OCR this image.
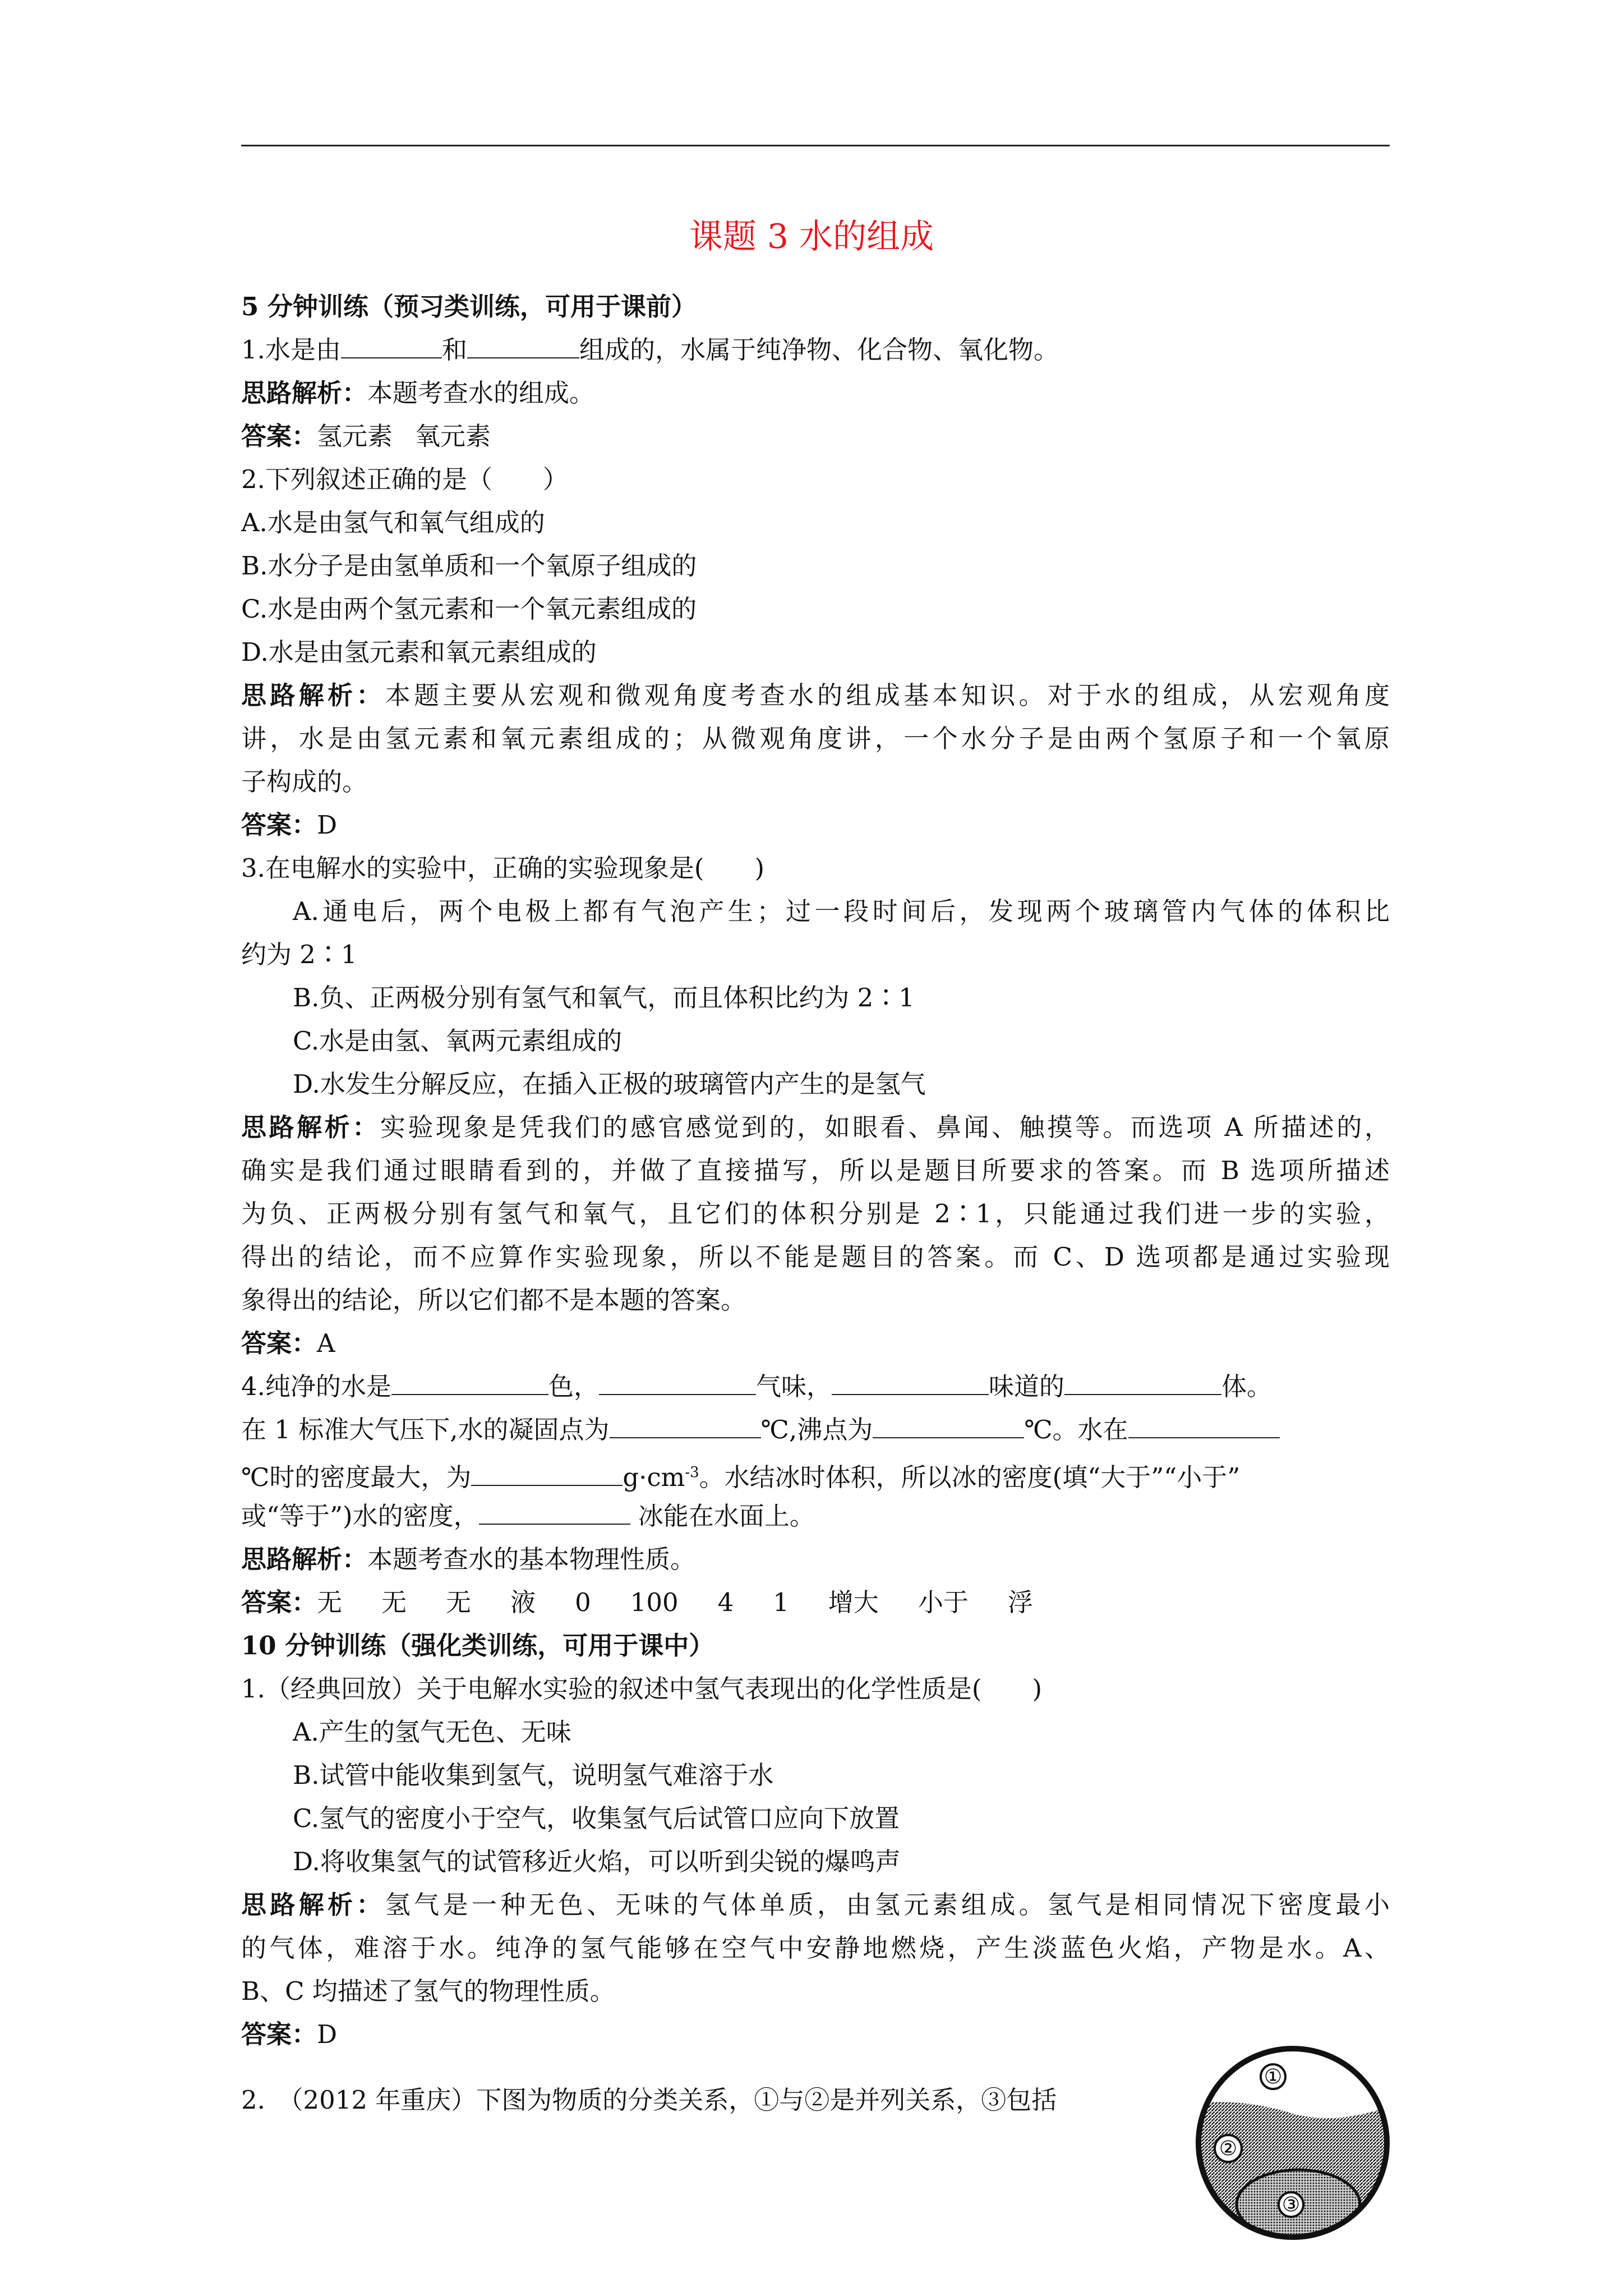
课题 3 水的组成
5 分钟训练（预习类训练，可用于课前）
1.水是由	和	组成的，水属于纯净物、化合物、氧化物。
思路解析：本题考查水的组成。
答案：氢元素 氧元素
2.下列叙述正确的是（　　）
A.水是由氢气和氧气组成的
B.水分子是由氢单质和一个氧原子组成的
C.水是由两个氢元素和一个氧元素组成的
D.水是由氢元素和氧元素组成的
思路解析：本题主要从宏观和微观角度考查水的组成基本知识。对于水的组成，从宏观角度
讲，水是由氢元素和氧元素组成的；从微观角度讲，一个水分子是由两个氢原子和一个氧原
子构成的。
答案：D
3.在电解水的实验中，正确的实验现象是(　　)
A.通电后，两个电极上都有气泡产生；过一段时间后，发现两个玻璃管内气体的体积比
约为 2∶1
B.负、正两极分别有氢气和氧气，而且体积比约为 2∶1
C.水是由氢、氧两元素组成的
D.水发生分解反应，在插入正极的玻璃管内产生的是氢气
思路解析：实验现象是凭我们的感官感觉到的，如眼看、鼻闻、触摸等。而选项 A 所描述的，
确实是我们通过眼睛看到的，并做了直接描写，所以是题目所要求的答案。而 B 选项所描述
为负、正两极分别有氢气和氧气，且它们的体积分别是 2∶1，只能通过我们进一步的实验，
得出的结论，而不应算作实验现象，所以不能是题目的答案。而 C、D 选项都是通过实验现
象得出的结论，所以它们都不是本题的答案。
答案：A
4.纯净的水是	色，	气味，	味道的	体。
在 1 标准大气压下,水的凝固点为	℃,沸点为	℃。水在
℃时的密度最大，为	$g\cdot cm^{-3}$。水结冰时体积，所以冰的密度(填“大于”“小于”
或“等于”)水的密度，	冰能在水面上。
思路解析：本题考查水的基本物理性质。
答案：无 无 无 液 0 100 4 1 增大 小于 浮
10 分钟训练（强化类训练，可用于课中）
1.（经典回放）关于电解水实验的叙述中氢气表现出的化学性质是(　　)
A.产生的氢气无色、无味
B.试管中能收集到氢气，说明氢气难溶于水
C.氢气的密度小于空气，收集氢气后试管口应向下放置
D.将收集氢气的试管移近火焰，可以听到尖锐的爆鸣声
思路解析：氢气是一种无色、无味的气体单质，由氢元素组成。氢气是相同情况下密度最小
的气体，难溶于水。纯净的氢气能够在空气中安静地燃烧，产生淡蓝色火焰，产物是水。A、
B、C 均描述了氢气的物理性质。
答案：D
2.　（2012 年重庆）下图为物质的分类关系，①与②是并列关系，③包括
①
②
③
